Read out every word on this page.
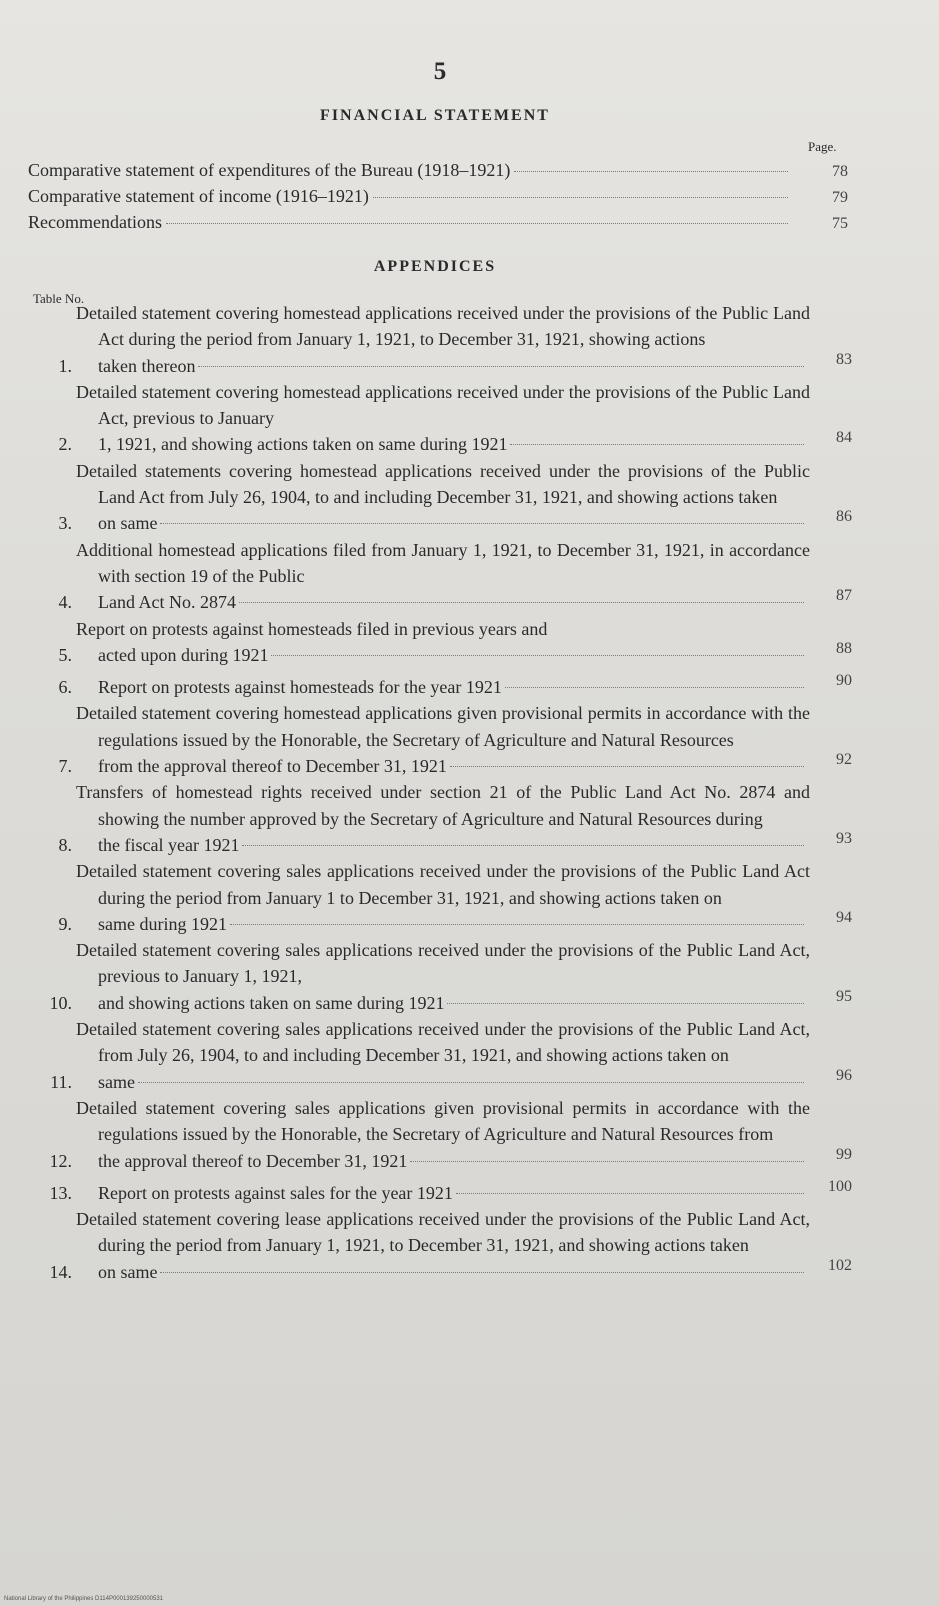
5
FINANCIAL STATEMENT
Page.
Comparative statement of expenditures of the Bureau (1918–1921)	78
Comparative statement of income (1916–1921)	79
Recommendations	75
APPENDICES
Table No.
1.
Detailed statement covering homestead applications received under the provisions of the Public Land Act during the period from January 1, 1921, to December 31, 1921, showing actions
taken thereon	83
2.
Detailed statement covering homestead applications received under the provisions of the Public Land Act, previous to January
1, 1921, and showing actions taken on same during 1921	84
3.
Detailed statements covering homestead applications received under the provisions of the Public Land Act from July 26, 1904, to and including December 31, 1921, and showing actions taken
on same	86
4.
Additional homestead applications filed from January 1, 1921, to December 31, 1921, in accordance with section 19 of the Public
Land Act No. 2874	87
5.
Report on protests against homesteads filed in previous years and
acted upon during 1921	88
6. Report on protests against homesteads for the year 1921	90
7.
Detailed statement covering homestead applications given provisional permits in accordance with the regulations issued by the Honorable, the Secretary of Agriculture and Natural Resources
from the approval thereof to December 31, 1921	92
8.
Transfers of homestead rights received under section 21 of the Public Land Act No. 2874 and showing the number approved by the Secretary of Agriculture and Natural Resources during
the fiscal year 1921	93
9.
Detailed statement covering sales applications received under the provisions of the Public Land Act during the period from January 1 to December 31, 1921, and showing actions taken on
same during 1921	94
10.
Detailed statement covering sales applications received under the provisions of the Public Land Act, previous to January 1, 1921,
and showing actions taken on same during 1921	95
11.
Detailed statement covering sales applications received under the provisions of the Public Land Act, from July 26, 1904, to and including December 31, 1921, and showing actions taken on
same	96
12.
Detailed statement covering sales applications given provisional permits in accordance with the regulations issued by the Honorable, the Secretary of Agriculture and Natural Resources from
the approval thereof to December 31, 1921	99
13. Report on protests against sales for the year 1921	100
14.
Detailed statement covering lease applications received under the provisions of the Public Land Act, during the period from January 1, 1921, to December 31, 1921, and showing actions taken
on same	102
National Library of the Philippines D114P000139250000531
